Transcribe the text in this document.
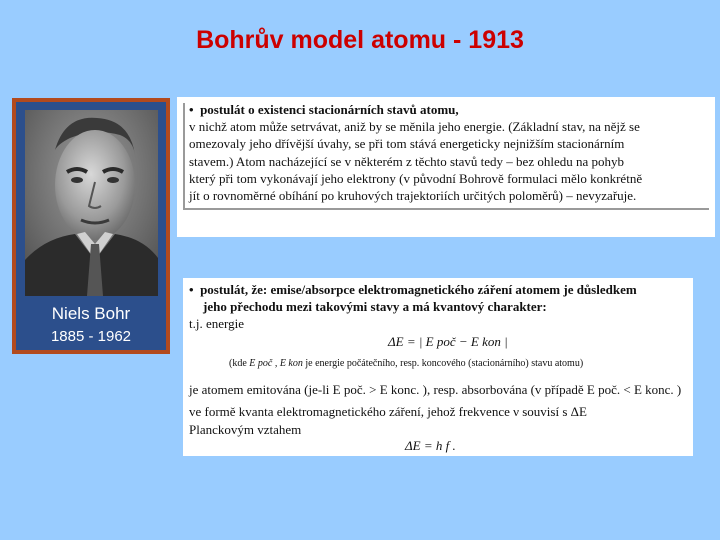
Bohrův model atomu - 1913
Niels Bohr
1885 - 1962
• postulát o existenci stacionárních stavů atomu,
v nichž atom může setrvávat, aniž by se měnila jeho energie. (Základní stav, na nějž se
omezovaly jeho dřívější úvahy, se při tom stává energeticky nejnižším stacionárním
stavem.) Atom nacházející se v některém z těchto stavů tedy – bez ohledu na pohyb
který při tom vykonávají jeho elektrony (v původní Bohrově formulaci mělo konkrétně
jít o rovnoměrné obíhání po kruhových trajektoriích určitých poloměrů) – nevyzařuje.
• postulát, že: emise/absorpce elektromagnetického záření atomem je důsledkem
jeho přechodu mezi takovými stavy a má kvantový charakter:
t.j. energie
ΔE = | E poč − E kon |
(kde E poč , E kon je energie počátečního, resp. koncového (stacionárního) stavu atomu)
je atomem emitována (je-li E poč. > E konc. ), resp. absorbována (v případě E poč. < E konc. )
ve formě kvanta elektromagnetického záření, jehož frekvence ν souvisí s ΔE
Planckovým vztahem
ΔE = h f .
